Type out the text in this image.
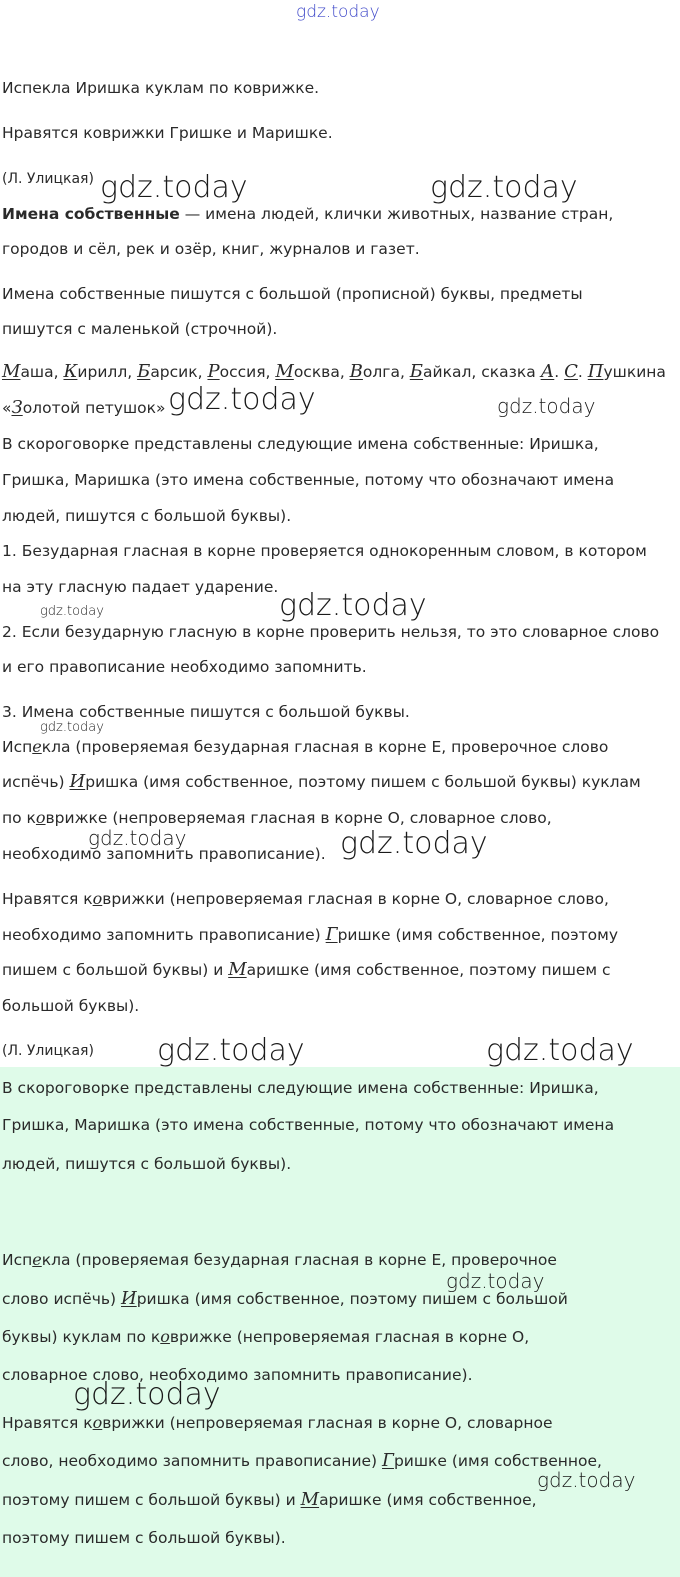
Испекла Иришка куклам по коврижке.
Нравятся коврижки Гришке и Маришке.
(Л. Улицкая)
Имена собственные — имена людей, клички животных, название стран,
городов и сёл, рек и озёр, книг, журналов и газет.
Имена собственные пишутся с большой (прописной) буквы, предметы
пишутся с маленькой (строчной).
Маша, Кирилл, Барсик, Россия, Москва, Волга, Байкал, сказка А. С. Пушкина
«Золотой петушок»
В скороговорке представлены следующие имена собственные: Иришка,
Гришка, Маришка (это имена собственные, потому что обозначают имена
людей, пишутся с большой буквы).
1. Безударная гласная в корне проверяется однокоренным словом, в котором
на эту гласную падает ударение.
2. Если безударную гласную в корне проверить нельзя, то это словарное слово
и его правописание необходимо запомнить.
3. Имена собственные пишутся с большой буквы.
Испекла (проверяемая безударная гласная в корне Е, проверочное слово
испёчь) Иришка (имя собственное, поэтому пишем с большой буквы) куклам
по коврижке (непроверяемая гласная в корне О, словарное слово,
необходимо запомнить правописание).
Нравятся коврижки (непроверяемая гласная в корне О, словарное слово,
необходимо запомнить правописание) Гришке (имя собственное, поэтому
пишем с большой буквы) и Маришке (имя собственное, поэтому пишем с
большой буквы).
(Л. Улицкая)
В скороговорке представлены следующие имена собственные: Иришка,
Гришка, Маришка (это имена собственные, потому что обозначают имена
людей, пишутся с большой буквы).
Испекла (проверяемая безударная гласная в корне Е, проверочное
слово испёчь) Иришка (имя собственное, поэтому пишем с большой
буквы) куклам по коврижке (непроверяемая гласная в корне О,
словарное слово, необходимо запомнить правописание).
Нравятся коврижки (непроверяемая гласная в корне О, словарное
слово, необходимо запомнить правописание) Гришке (имя собственное,
поэтому пишем с большой буквы) и Маришке (имя собственное,
поэтому пишем с большой буквы).
gdz.today
gdz.today	gdz.today
gdz.today	gdz.today
gdz.today	gdz.today
gdz.today
gdz.today	gdz.today
gdz.today	gdz.today
gdz.today
gdz.today
gdz.today
